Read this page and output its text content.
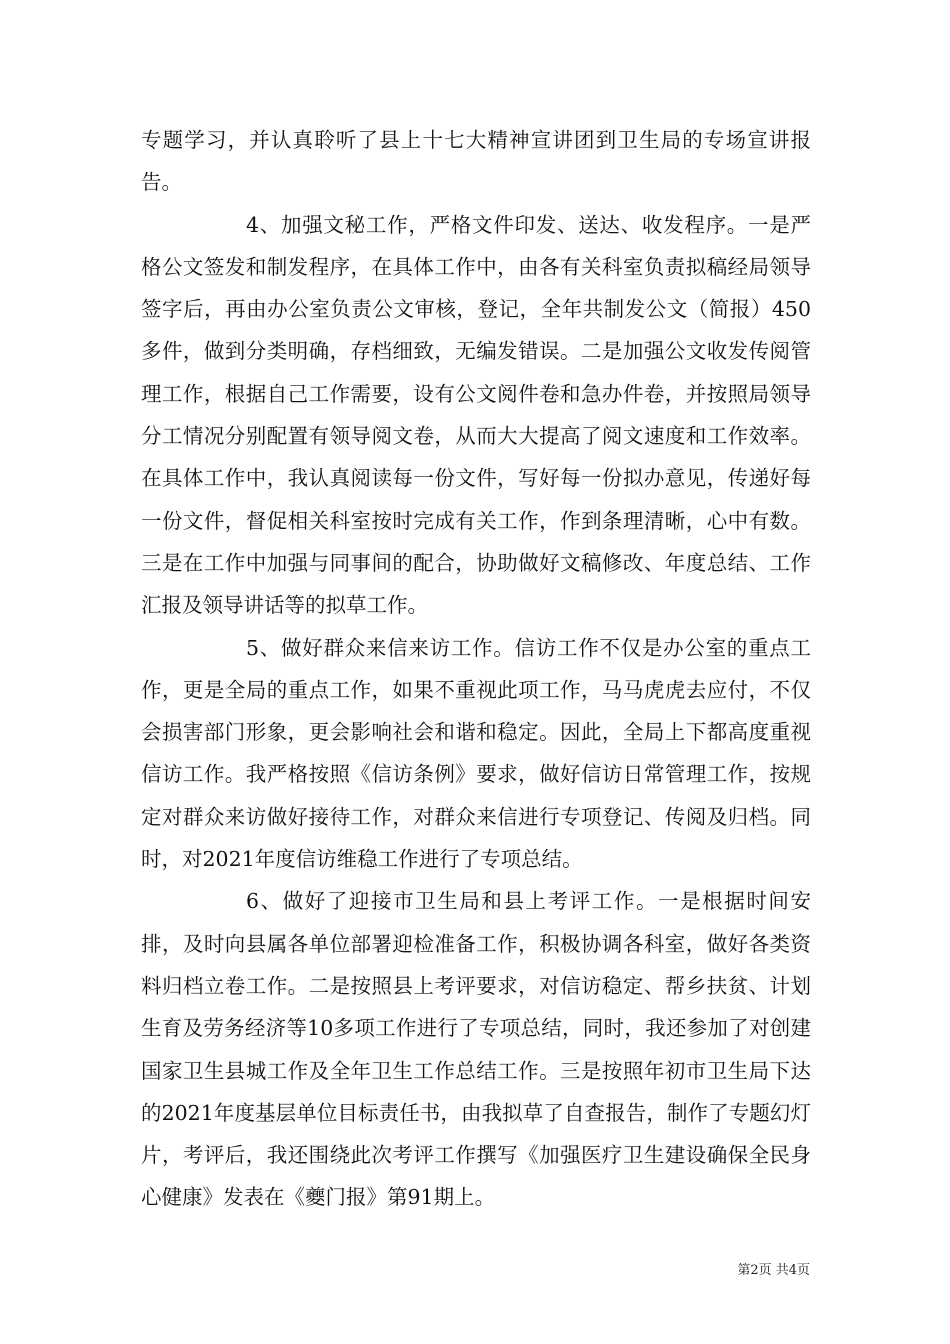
专题学习，并认真聆听了县上十七大精神宣讲团到卫生局的专场宣讲报告。

4、加强文秘工作，严格文件印发、送达、收发程序。一是严格公文签发和制发程序，在具体工作中，由各有关科室负责拟稿经局领导签字后，再由办公室负责公文审核，登记，全年共制发公文（简报）450多件，做到分类明确，存档细致，无编发错误。二是加强公文收发传阅管理工作，根据自己工作需要，设有公文阅件卷和急办件卷，并按照局领导分工情况分别配置有领导阅文卷，从而大大提高了阅文速度和工作效率。在具体工作中，我认真阅读每一份文件，写好每一份拟办意见，传递好每一份文件，督促相关科室按时完成有关工作，作到条理清晰，心中有数。三是在工作中加强与同事间的配合，协助做好文稿修改、年度总结、工作汇报及领导讲话等的拟草工作。

5、做好群众来信来访工作。信访工作不仅是办公室的重点工作，更是全局的重点工作，如果不重视此项工作，马马虎虎去应付，不仅会损害部门形象，更会影响社会和谐和稳定。因此，全局上下都高度重视信访工作。我严格按照《信访条例》要求，做好信访日常管理工作，按规定对群众来访做好接待工作，对群众来信进行专项登记、传阅及归档。同时，对2021年度信访维稳工作进行了专项总结。

6、做好了迎接市卫生局和县上考评工作。一是根据时间安排，及时向县属各单位部署迎检准备工作，积极协调各科室，做好各类资料归档立卷工作。二是按照县上考评要求，对信访稳定、帮乡扶贫、计划生育及劳务经济等10多项工作进行了专项总结，同时，我还参加了对创建国家卫生县城工作及全年卫生工作总结工作。三是按照年初市卫生局下达的2021年度基层单位目标责任书，由我拟草了自查报告，制作了专题幻灯片，考评后，我还围绕此次考评工作撰写《加强医疗卫生建设确保全民身心健康》发表在《夔门报》第91期上。

第2页 共4页
